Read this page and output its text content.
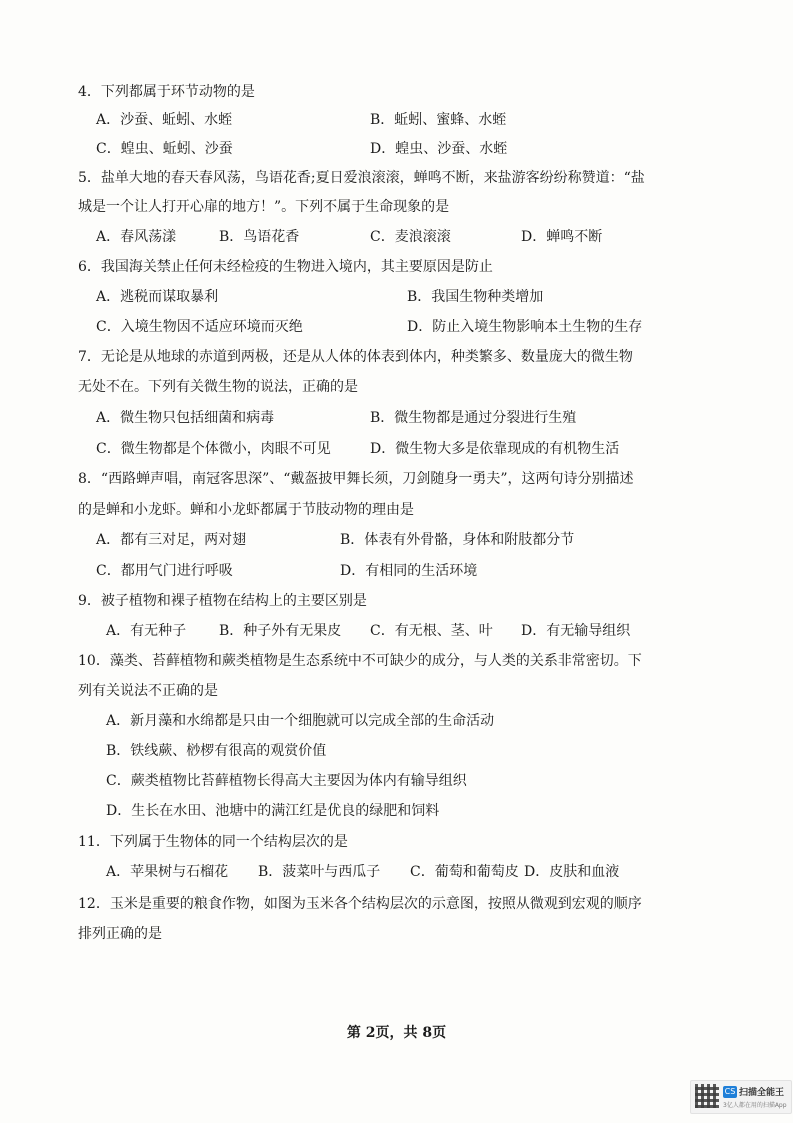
4．下列都属于环节动物的是
A．沙蚕、蚯蚓、水蛭	B．蚯蚓、蜜蜂、水蛭
C．蝗虫、蚯蚓、沙蚕	D．蝗虫、沙蚕、水蛭
5．盐单大地的春天春风荡，鸟语花香;夏日爱浪滚滚，蝉鸣不断，来盐游客纷纷称赞道：“盐
城是一个让人打开心扉的地方！”。下列不属于生命现象的是
A．春风荡漾	B．鸟语花香	C．麦浪滚滚	D．蝉鸣不断
6．我国海关禁止任何未经检疫的生物进入境内，其主要原因是防止
A．逃税而谋取暴利	B．我国生物种类增加
C．入境生物因不适应环境而灭绝	D．防止入境生物影响本土生物的生存
7．无论是从地球的赤道到两极，还是从人体的体表到体内，种类繁多、数量庞大的微生物
无处不在。下列有关微生物的说法，正确的是
A．微生物只包括细菌和病毒	B．微生物都是通过分裂进行生殖
C．微生物都是个体微小，肉眼不可见	D．微生物大多是依靠现成的有机物生活
8．“西路蝉声唱，南冠客思深”、“戴盔披甲舞长须，刀剑随身一勇夫”，这两句诗分别描述
的是蝉和小龙虾。蝉和小龙虾都属于节肢动物的理由是
A．都有三对足，两对翅	B．体表有外骨骼，身体和附肢都分节
C．都用气门进行呼吸	D．有相同的生活环境
9．被子植物和裸子植物在结构上的主要区别是
A．有无种子 B．种子外有无果皮 C．有无根、茎、叶 D．有无输导组织
10．藻类、苔藓植物和蕨类植物是生态系统中不可缺少的成分，与人类的关系非常密切。下
列有关说法不正确的是
A．新月藻和水绵都是只由一个细胞就可以完成全部的生命活动
B．铁线蕨、桫椤有很高的观赏价值
C．蕨类植物比苔藓植物长得高大主要因为体内有输导组织
D．生长在水田、池塘中的满江红是优良的绿肥和饲料
11．下列属于生物体的同一个结构层次的是
A．苹果树与石榴花 B．菠菜叶与西瓜子 C．葡萄和葡萄皮 D．皮肤和血液
12．玉米是重要的粮食作物，如图为玉米各个结构层次的示意图，按照从微观到宏观的顺序
排列正确的是
第 2页，共 8页
CS 扫描全能王
3亿人都在用的扫描App
